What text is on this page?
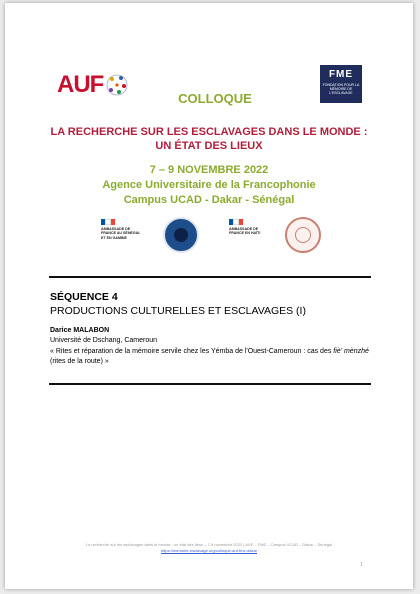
AUF	FME
FONDATION POUR LA MÉMOIRE DE L'ESCLAVAGE
COLLOQUE
LA RECHERCHE SUR LES ESCLAVAGES DANS LE MONDE :
UN ÉTAT DES LIEUX
7 – 9 NOVEMBRE 2022
Agence Universitaire de la Francophonie
Campus UCAD - Dakar - Sénégal
AMBASSADE DE FRANCE AU SÉNÉGAL ET EN GAMBIE
AMBASSADE DE FRANCE EN HAÏTI
SÉQUENCE 4
PRODUCTIONS CULTURELLES ET ESCLAVAGES (I)
Darice MALABON
Université de Dschang, Cameroun
« Rites et réparation de la mémoire servile chez les Yémba de l'Ouest-Cameroun : cas des fiè' mènzhé (rites de la route) »
La recherche sur les esclavages dans le monde : un état des lieux – 7-9 novembre 2022 | AUF – FME – Campus UCAD – Dakar – Sénégal
https://memoire-esclavage.org/colloque-auf-fme-dakar
1
